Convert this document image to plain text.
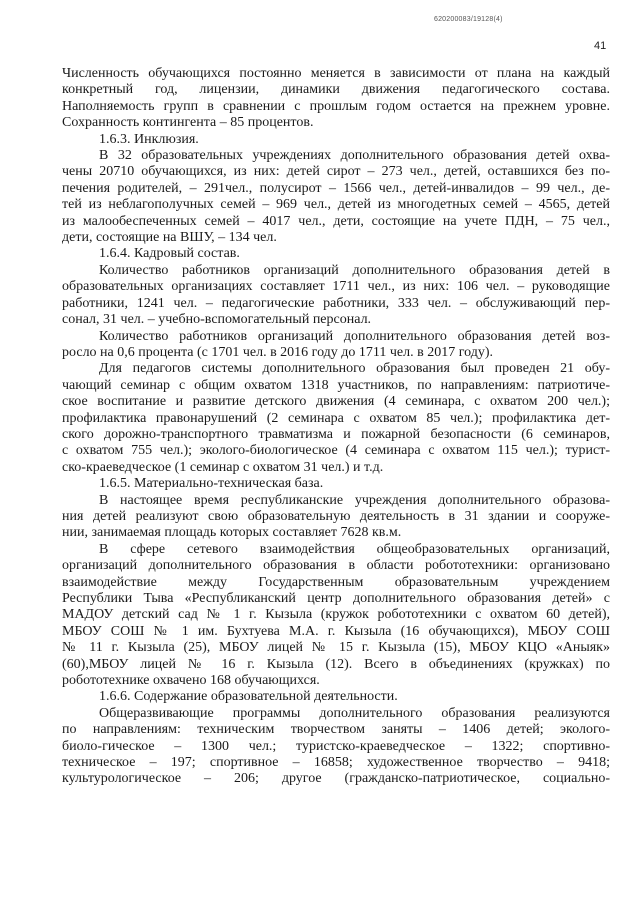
620200083/19128(4)
41
Численность обучающихся постоянно меняется в зависимости от плана на каждый
конкретный год, лицензии, динамики движения педагогического состава.
Наполняемость групп в сравнении с прошлым годом остается на прежнем уровне.
Сохранность контингента – 85 процентов.
1.6.3. Инклюзия.
В 32 образовательных учреждениях дополнительного образования детей охва-
чены 20710 обучающихся, из них: детей сирот – 273 чел., детей, оставшихся без по-
печения родителей, – 291чел., полусирот – 1566 чел., детей-инвалидов – 99 чел., де-
тей из неблагополучных семей – 969 чел., детей из многодетных семей – 4565, детей
из малообеспеченных семей – 4017 чел., дети, состоящие на учете ПДН, – 75 чел.,
дети, состоящие на ВШУ, – 134 чел.
1.6.4. Кадровый состав.
Количество работников организаций дополнительного образования детей в
образовательных организациях составляет 1711 чел., из них: 106 чел. – руководящие
работники, 1241 чел. – педагогические работники, 333 чел. – обслуживающий пер-
сонал, 31 чел. – учебно-вспомогательный персонал.
Количество работников организаций дополнительного образования детей воз-
росло на 0,6 процента (с 1701 чел. в 2016 году до 1711 чел. в 2017 году).
Для педагогов системы дополнительного образования был проведен 21 обу-
чающий семинар с общим охватом 1318 участников, по направлениям: патриотиче-
ское воспитание и развитие детского движения (4 семинара, с охватом 200 чел.);
профилактика правонарушений (2 семинара с охватом 85 чел.); профилактика дет-
ского дорожно-транспортного травматизма и пожарной безопасности (6 семинаров,
с охватом 755 чел.); эколого-биологическое (4 семинара с охватом 115 чел.); турист-
ско-краеведческое (1 семинар с охватом 31 чел.) и т.д.
1.6.5. Материально-техническая база.
В настоящее время республиканские учреждения дополнительного образова-
ния детей реализуют свою образовательную деятельность в 31 здании и сооруже-
нии, занимаемая площадь которых составляет 7628 кв.м.
В сфере сетевого взаимодействия общеобразовательных организаций,
организаций дополнительного образования в области робототехники: организовано
взаимодействие между Государственным образовательным учреждением
Республики Тыва «Республиканский центр дополнительного образования детей» с
МАДОУ детский сад № 1 г. Кызыла (кружок робототехники с охватом 60 детей),
МБОУ СОШ № 1 им. Бухтуева М.А. г. Кызыла (16 обучающихся), МБОУ СОШ
№ 11 г. Кызыла (25), МБОУ лицей № 15 г. Кызыла (15), МБОУ КЦО «Аныяк»
(60),МБОУ лицей № 16 г. Кызыла (12). Всего в объединениях (кружках) по
робототехнике охвачено 168 обучающихся.
1.6.6. Содержание образовательной деятельности.
Общеразвивающие программы дополнительного образования реализуются
по направлениям: техническим творчеством заняты – 1406 детей; эколого-
биоло-гическое – 1300 чел.; туристско-краеведческое – 1322; спортивно-
техническое – 197; спортивное – 16858; художественное творчество – 9418;
культурологическое – 206; другое (гражданско-патриотическое, социально-
